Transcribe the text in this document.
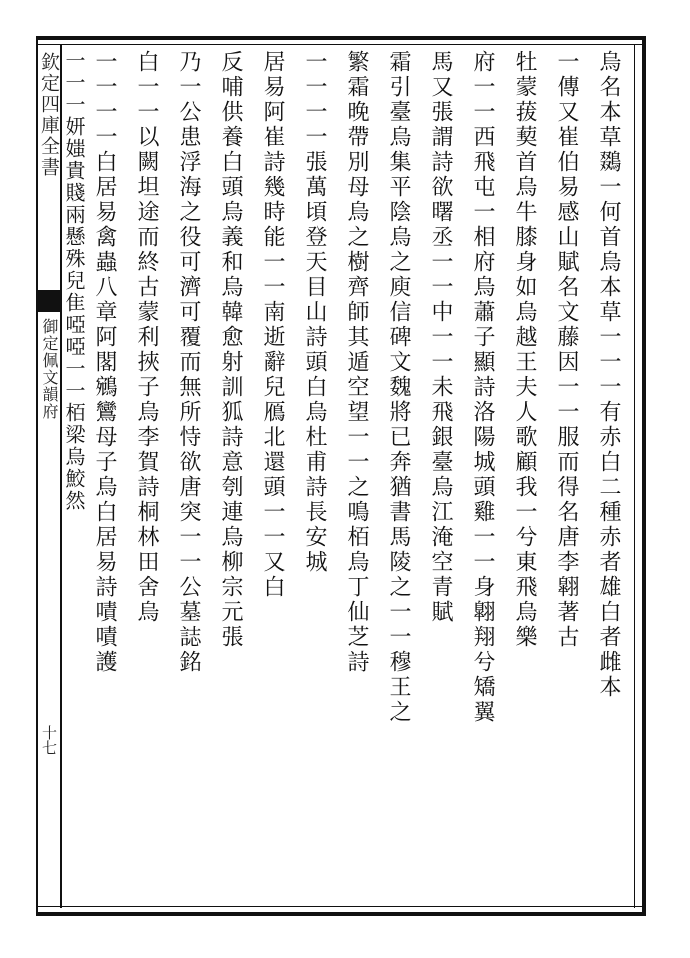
欽定四庫全書
御定佩文韻府
十七
烏名本草鵽一何首烏本草一一一有赤白二種赤者雄白者雌本
一傳又崔伯易感山賦名文藤因一一服而得名唐李翶著古
牡蒙菝葜首烏牛膝身如烏越王夫人歌顧我一兮東飛烏樂
府一一西飛屯一相府烏蕭子顯詩洛陽城頭雞一一身翺翔兮矯翼
馬又張謂詩欲曙丞一一中一一未飛銀臺烏江淹空青賦
霜引臺烏集平陰烏之庾信碑文魏將已奔猶書馬陵之一一穆王之
繁霜晚帶別母烏之樹齊師其遁空望一一之鳴栢烏丁仙芝詩
一一一一張萬頃登天目山詩頭白烏杜甫詩長安城
居易阿崔詩幾時能一一南逝辭兒鴈北還頭一一又白
反哺供養白頭烏義和烏韓愈射訓狐詩意刳連烏柳宗元張
乃一公患浮海之役可濟可覆而無所恃欲唐突一一公墓誌銘
白一一以闕坦途而終古蒙利挾子烏李賀詩桐林田舍烏
一一一一白居易禽蟲八章阿閣鵷鸞母子烏白居易詩嘖嘖護
一一一妍媸貴賤兩懸殊兒隹啞啞一一栢梁烏鮫然
